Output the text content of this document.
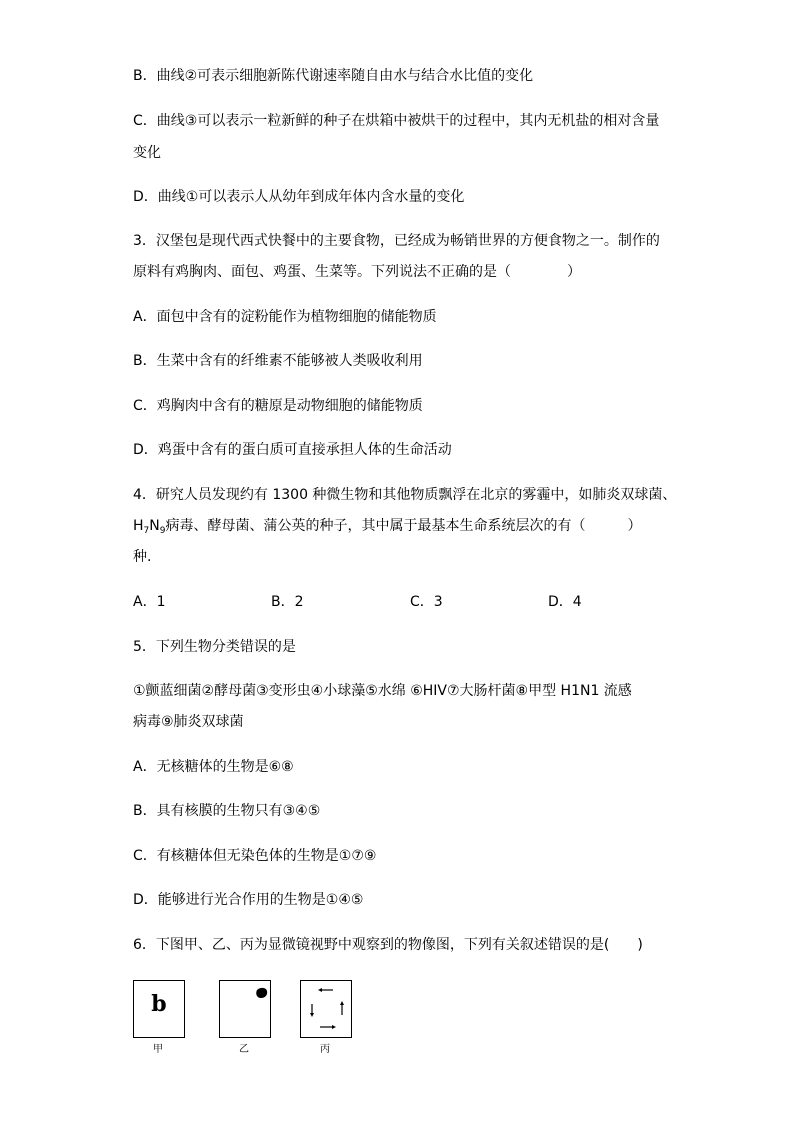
B．曲线②可表示细胞新陈代谢速率随自由水与结合水比值的变化
C．曲线③可以表示一粒新鲜的种子在烘箱中被烘干的过程中，其内无机盐的相对含量
变化
D．曲线①可以表示人从幼年到成年体内含水量的变化
3．汉堡包是现代西式快餐中的主要食物，已经成为畅销世界的方便食物之一。制作的
原料有鸡胸肉、面包、鸡蛋、生菜等。下列说法不正确的是（　　　　）
A．面包中含有的淀粉能作为植物细胞的储能物质
B．生菜中含有的纤维素不能够被人类吸收利用
C．鸡胸肉中含有的糖原是动物细胞的储能物质
D．鸡蛋中含有的蛋白质可直接承担人体的生命活动
4．研究人员发现约有 1300 种微生物和其他物质飘浮在北京的雾霾中，如肺炎双球菌、
$H_7N_9$病毒、酵母菌、蒲公英的种子，其中属于最基本生命系统层次的有（　　　）
种.
A．1	B．2	C．3	D．4
5．下列生物分类错误的是
①颤蓝细菌②酵母菌③变形虫④小球藻⑤水绵 ⑥HIV⑦大肠杆菌⑧甲型 H1N1 流感
病毒⑨肺炎双球菌
A．无核糖体的生物是⑥⑧
B．具有核膜的生物只有③④⑤
C．有核糖体但无染色体的生物是①⑦⑨
D．能够进行光合作用的生物是①④⑤
6．下图甲、乙、丙为显微镜视野中观察到的物像图，下列有关叙述错误的是(　　)
b
甲	乙	丙
